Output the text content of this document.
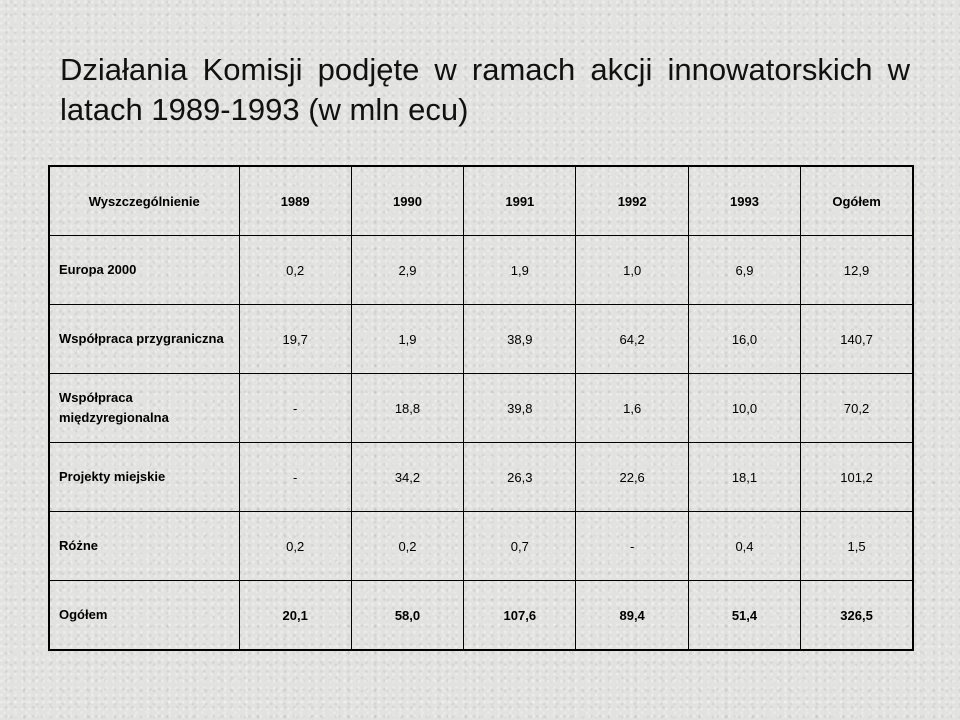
Działania Komisji podjęte w ramach akcji innowatorskich w latach 1989-1993 (w mln ecu)
Wyszczególnienie	1989	1990	1991	1992	1993	Ogółem
Europa 2000	0,2	2,9	1,9	1,0	6,9	12,9
Współpraca przygraniczna	19,7	1,9	38,9	64,2	16,0	140,7
Współpraca międzyregionalna	-	18,8	39,8	1,6	10,0	70,2
Projekty miejskie	-	34,2	26,3	22,6	18,1	101,2
Różne	0,2	0,2	0,7	-	0,4	1,5
Ogółem	20,1	58,0	107,6	89,4	51,4	326,5
